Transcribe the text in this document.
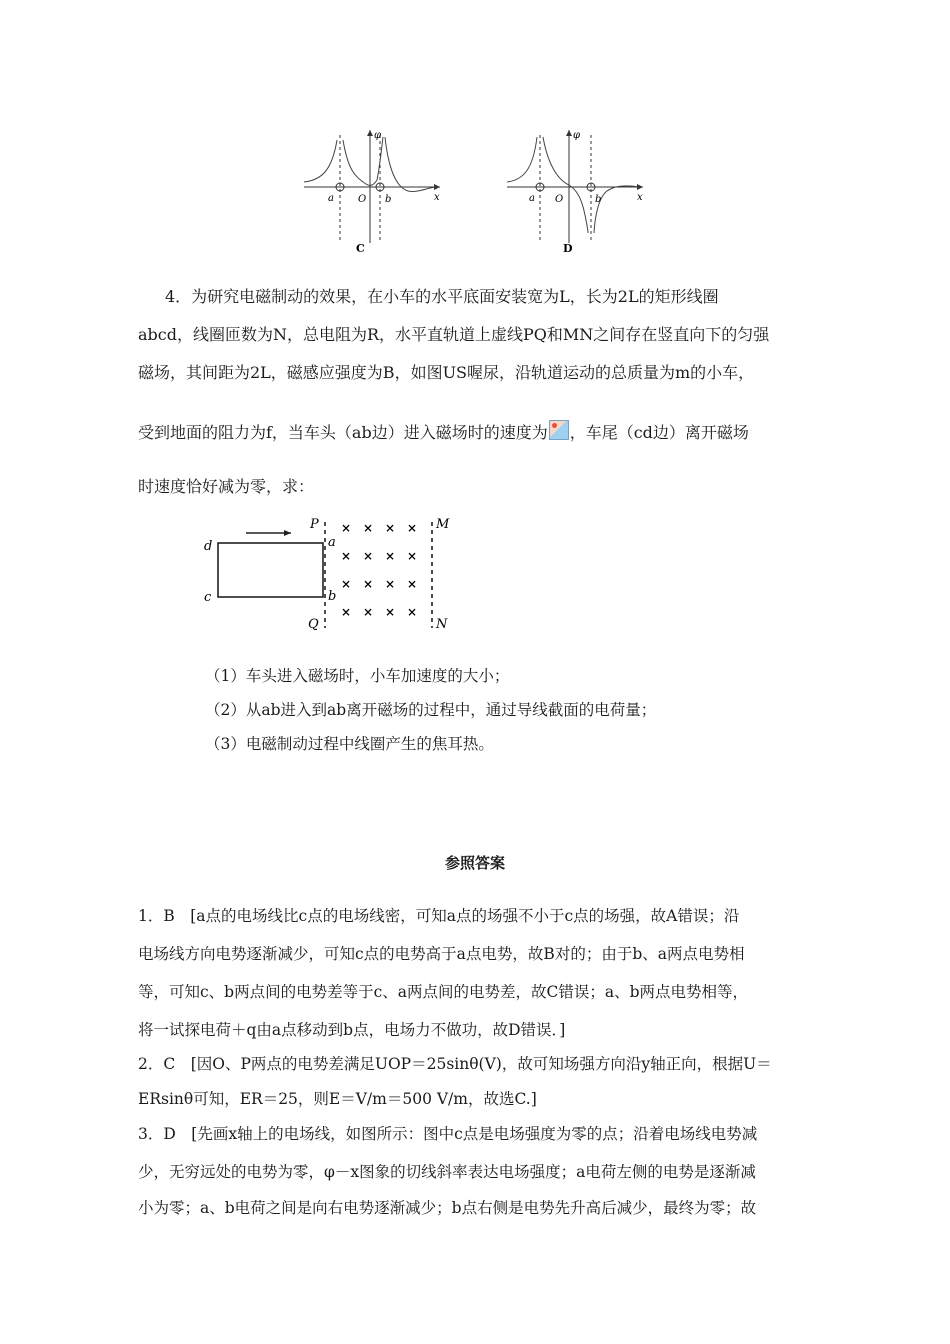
φ
x
a O b
C
φ
x
a O	b
D
4．为研究电磁制动的效果，在小车的水平底面安装宽为L，长为2L的矩形线圈
abcd，线圈匝数为N，总电阻为R，水平直轨道上虚线PQ和MN之间存在竖直向下的匀强
磁场，其间距为2L，磁感应强度为B，如图US喔尿，沿轨道运动的总质量为m的小车，
受到地面的阻力为f，当车头（ab边）进入磁场时的速度为 ，车尾（cd边）离开磁场
时速度恰好减为零，求：
d
c
a
b
P
Q
M
N
× × × ×
× × × ×
× × × ×
× × × ×
（1）车头进入磁场时，小车加速度的大小；
（2）从ab进入到ab离开磁场的过程中，通过导线截面的电荷量；
（3）电磁制动过程中线圈产生的焦耳热。
参照答案
1．B　[a点的电场线比c点的电场线密，可知a点的场强不小于c点的场强，故A错误；沿
电场线方向电势逐渐减少，可知c点的电势高于a点电势，故B对的；由于b、a两点电势相
等，可知c、b两点间的电势差等于c、a两点间的电势差，故C错误；a、b两点电势相等，
将一试探电荷＋q由a点移动到b点，电场力不做功，故D错误．]
2．C　[因O、P两点的电势差满足UOP＝25sinθ(V)，故可知场强方向沿y轴正向，根据U＝
ERsinθ可知，ER＝25，则E＝V/m＝500 V/m，故选C.]
3．D　[先画x轴上的电场线，如图所示：图中c点是电场强度为零的点；沿着电场线电势减
少，无穷远处的电势为零，φ－x图象的切线斜率表达电场强度；a电荷左侧的电势是逐渐减
小为零；a、b电荷之间是向右电势逐渐减少；b点右侧是电势先升高后减少，最终为零；故
